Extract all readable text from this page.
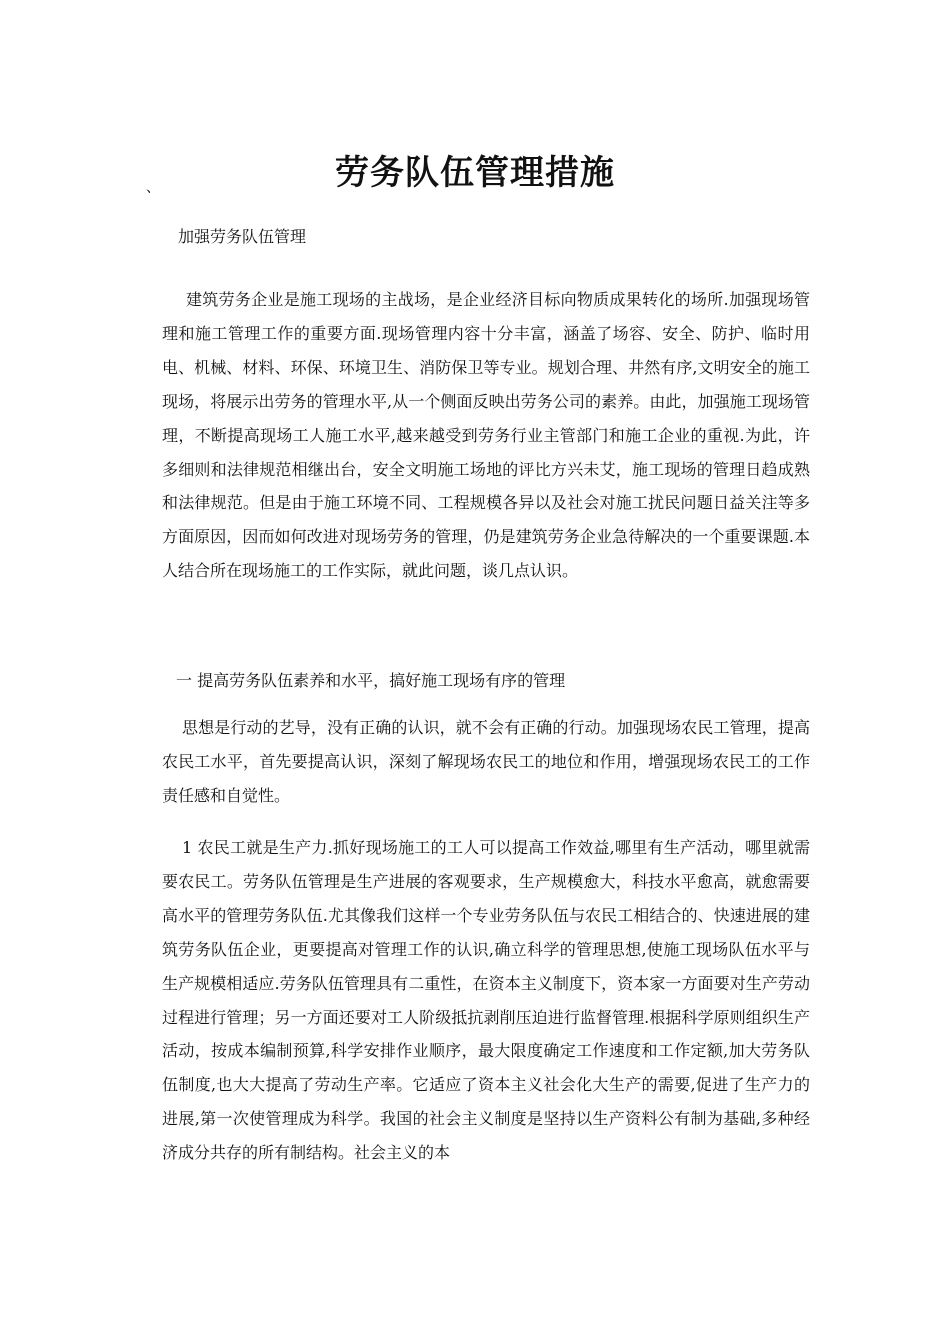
劳务队伍管理措施
、
加强劳务队伍管理

建筑劳务企业是施工现场的主战场，是企业经济目标向物质成果转化的场所.加强现场管理和施工管理工作的重要方面.现场管理内容十分丰富，涵盖了场容、安全、防护、临时用电、机械、材料、环保、环境卫生、消防保卫等专业。规划合理、井然有序,文明安全的施工现场，将展示出劳务的管理水平,从一个侧面反映出劳务公司的素养。由此，加强施工现场管理，不断提高现场工人施工水平,越来越受到劳务行业主管部门和施工企业的重视.为此，许多细则和法律规范相继出台，安全文明施工场地的评比方兴未艾，施工现场的管理日趋成熟和法律规范。但是由于施工环境不同、工程规模各异以及社会对施工扰民问题日益关注等多方面原因，因而如何改进对现场劳务的管理，仍是建筑劳务企业急待解决的一个重要课题.本人结合所在现场施工的工作实际，就此问题，谈几点认识。

一 提高劳务队伍素养和水平，搞好施工现场有序的管理

思想是行动的艺导，没有正确的认识，就不会有正确的行动。加强现场农民工管理，提高农民工水平，首先要提高认识，深刻了解现场农民工的地位和作用，增强现场农民工的工作责任感和自觉性。

1 农民工就是生产力.抓好现场施工的工人可以提高工作效益,哪里有生产活动，哪里就需要农民工。劳务队伍管理是生产进展的客观要求，生产规模愈大，科技水平愈高，就愈需要高水平的管理劳务队伍.尤其像我们这样一个专业劳务队伍与农民工相结合的、快速进展的建筑劳务队伍企业，更要提高对管理工作的认识,确立科学的管理思想,使施工现场队伍水平与生产规模相适应.劳务队伍管理具有二重性，在资本主义制度下，资本家一方面要对生产劳动过程进行管理；另一方面还要对工人阶级抵抗剥削压迫进行监督管理.根据科学原则组织生产活动，按成本编制预算,科学安排作业顺序，最大限度确定工作速度和工作定额,加大劳务队伍制度,也大大提高了劳动生产率。它适应了资本主义社会化大生产的需要,促进了生产力的进展,第一次使管理成为科学。我国的社会主义制度是坚持以生产资料公有制为基础,多种经济成分共存的所有制结构。社会主义的本
